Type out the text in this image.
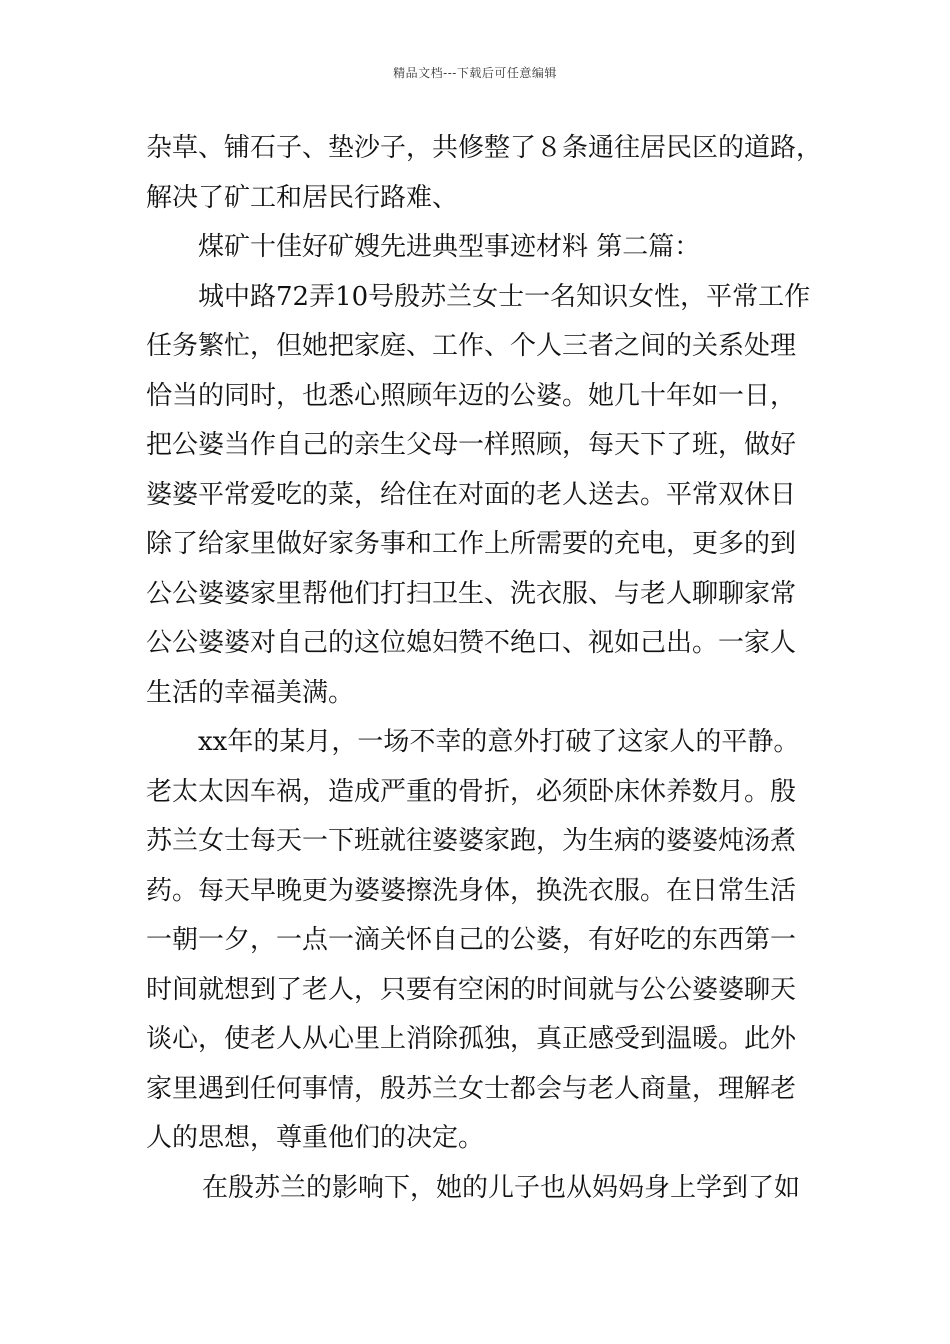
精品文档---下载后可任意编辑
杂草、铺石子、垫沙子，共修整了８条通往居民区的道路，
解决了矿工和居民行路难、
煤矿十佳好矿嫂先进典型事迹材料 第二篇：
城中路72弄10号殷苏兰女士一名知识女性，平常工作
任务繁忙，但她把家庭、工作、个人三者之间的关系处理
恰当的同时，也悉心照顾年迈的公婆。她几十年如一日，
把公婆当作自己的亲生父母一样照顾，每天下了班，做好
婆婆平常爱吃的菜，给住在对面的老人送去。平常双休日
除了给家里做好家务事和工作上所需要的充电，更多的到
公公婆婆家里帮他们打扫卫生、洗衣服、与老人聊聊家常
公公婆婆对自己的这位媳妇赞不绝口、视如己出。一家人
生活的幸福美满。
xx年的某月，一场不幸的意外打破了这家人的平静。
老太太因车祸，造成严重的骨折，必须卧床休养数月。殷
苏兰女士每天一下班就往婆婆家跑，为生病的婆婆炖汤煮
药。每天早晚更为婆婆擦洗身体，换洗衣服。在日常生活
一朝一夕，一点一滴关怀自己的公婆，有好吃的东西第一
时间就想到了老人，只要有空闲的时间就与公公婆婆聊天
谈心，使老人从心里上消除孤独，真正感受到温暖。此外
家里遇到任何事情，殷苏兰女士都会与老人商量，理解老
人的思想，尊重他们的决定。
在殷苏兰的影响下，她的儿子也从妈妈身上学到了如
